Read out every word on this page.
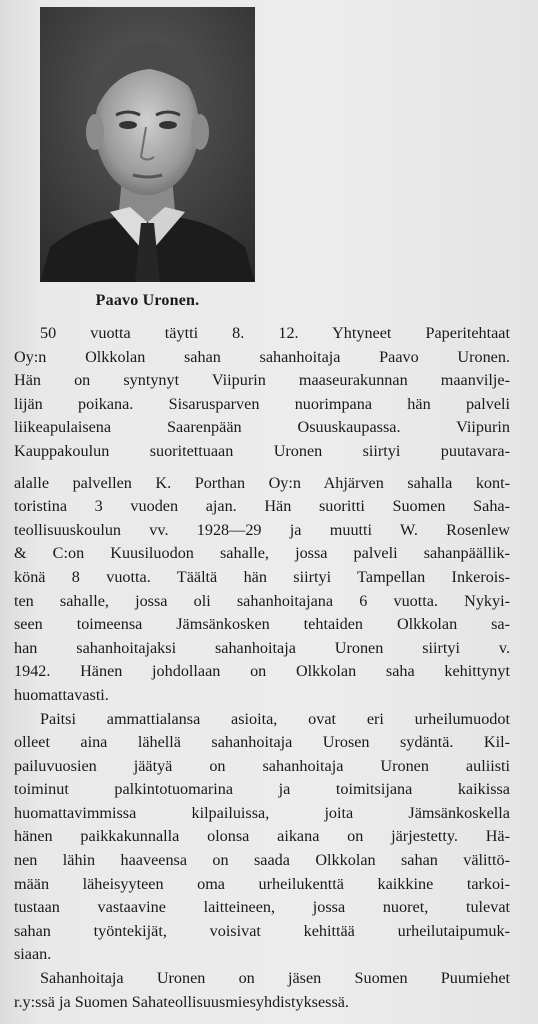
Paavo Uronen.
50 vuotta täytti 8. 12. Yhtyneet Paperitehtaat
Oy:n Olkkolan sahan sahanhoitaja Paavo Uronen.
Hän on syntynyt Viipurin maaseurakunnan maanvilje-
lijän poikana. Sisarusparven nuorimpana hän palveli
liikeapulaisena Saarenpään Osuuskaupassa. Viipurin
Kauppakoulun suoritettuaan Uronen siirtyi puutavara-
alalle palvellen K. Porthan Oy:n Ahjärven sahalla kont-
toristina 3 vuoden ajan. Hän suoritti Suomen Saha-
teollisuuskoulun vv. 1928—29 ja muutti W. Rosenlew
& C:on Kuusiluodon sahalle, jossa palveli sahanpäällik-
könä 8 vuotta. Täältä hän siirtyi Tampellan Inkerois-
ten sahalle, jossa oli sahanhoitajana 6 vuotta. Nykyi-
seen toimeensa Jämsänkosken tehtaiden Olkkolan sa-
han sahanhoitajaksi sahanhoitaja Uronen siirtyi v.
1942. Hänen johdollaan on Olkkolan saha kehittynyt
huomattavasti.
Paitsi ammattialansa asioita, ovat eri urheilumuodot
olleet aina lähellä sahanhoitaja Urosen sydäntä. Kil-
pailuvuosien jäätyä on sahanhoitaja Uronen auliisti
toiminut palkintotuomarina ja toimitsijana kaikissa
huomattavimmissa kilpailuissa, joita Jämsänkoskella
hänen paikkakunnalla olonsa aikana on järjestetty. Hä-
nen lähin haaveensa on saada Olkkolan sahan välittö-
mään läheisyyteen oma urheilukenttä kaikkine tarkoi-
tustaan vastaavine laitteineen, jossa nuoret, tulevat
sahan työntekijät, voisivat kehittää urheilutaipumuk-
siaan.
Sahanhoitaja Uronen on jäsen Suomen Puumiehet
r.y:ssä ja Suomen Sahateollisuusmiesyhdistyksessä.
